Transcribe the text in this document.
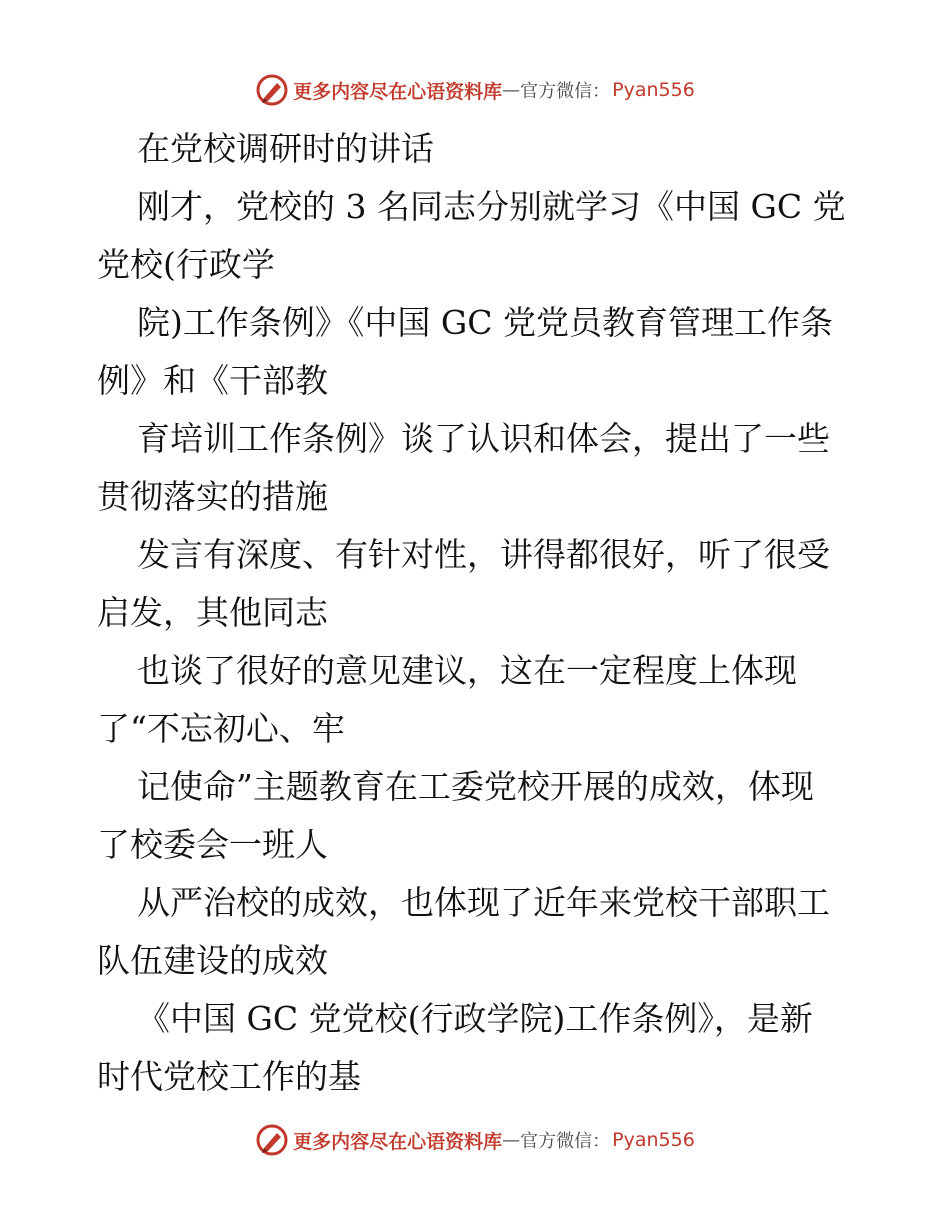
更多内容尽在心语资料库 — 官方微信： Pyan556
在党校调研时的讲话
刚才，党校的 3 名同志分别就学习《中国 GC 党
党校(行政学
院)工作条例》《中国 GC 党党员教育管理工作条
例》和《干部教
育培训工作条例》谈了认识和体会，提出了一些
贯彻落实的措施
发言有深度、有针对性，讲得都很好，听了很受
启发，其他同志
也谈了很好的意见建议，这在一定程度上体现
了“不忘初心、牢
记使命”主题教育在工委党校开展的成效，体现
了校委会一班人
从严治校的成效，也体现了近年来党校干部职工
队伍建设的成效
《中国 GC 党党校(行政学院)工作条例》，是新
时代党校工作的基
更多内容尽在心语资料库 — 官方微信： Pyan556
